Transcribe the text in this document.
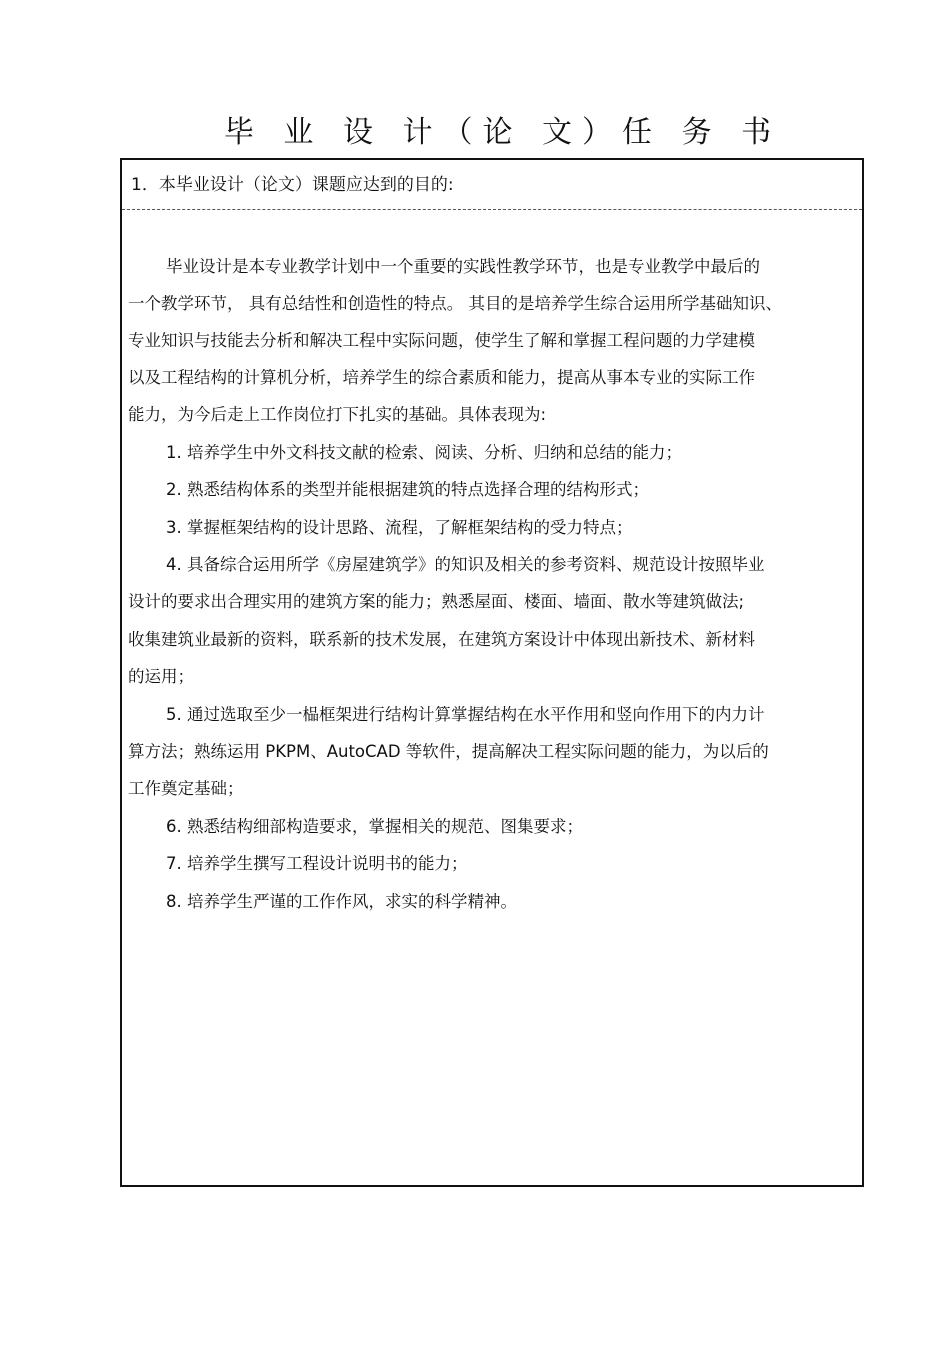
毕 业 设 计（论 文）任 务 书
1．本毕业设计（论文）课题应达到的目的:
毕业设计是本专业教学计划中一个重要的实践性教学环节，也是专业教学中最后的
一个教学环节， 具有总结性和创造性的特点。 其目的是培养学生综合运用所学基础知识、
专业知识与技能去分析和解决工程中实际问题，使学生了解和掌握工程问题的力学建模
以及工程结构的计算机分析，培养学生的综合素质和能力，提高从事本专业的实际工作
能力，为今后走上工作岗位打下扎实的基础。具体表现为:
1. 培养学生中外文科技文献的检索、阅读、分析、归纳和总结的能力；
2. 熟悉结构体系的类型并能根据建筑的特点选择合理的结构形式；
3. 掌握框架结构的设计思路、流程，了解框架结构的受力特点；
4. 具备综合运用所学《房屋建筑学》的知识及相关的参考资料、规范设计按照毕业
设计的要求出合理实用的建筑方案的能力；熟悉屋面、楼面、墙面、散水等建筑做法;
收集建筑业最新的资料，联系新的技术发展，在建筑方案设计中体现出新技术、新材料
的运用；
5. 通过选取至少一榀框架进行结构计算掌握结构在水平作用和竖向作用下的内力计
算方法；熟练运用 PKPM、AutoCAD 等软件，提高解决工程实际问题的能力，为以后的
工作奠定基础；
6. 熟悉结构细部构造要求，掌握相关的规范、图集要求；
7. 培养学生撰写工程设计说明书的能力；
8. 培养学生严谨的工作作风，求实的科学精神。
